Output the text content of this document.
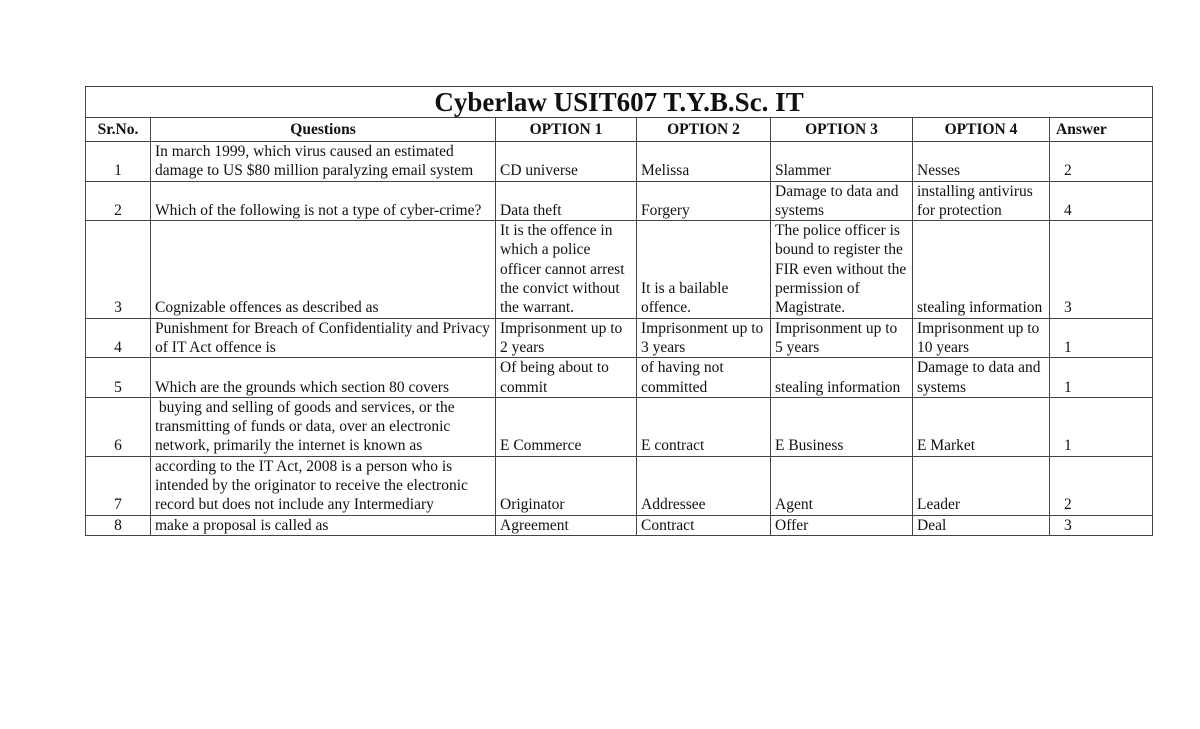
Cyberlaw USIT607 T.Y.B.Sc. IT						
Sr.No.	Questions	OPTION 1	OPTION 2	OPTION 3	OPTION 4	Answer
1	In march 1999, which virus caused an estimated damage to US $80 million paralyzing email system	CD universe	Melissa	Slammer	Nesses	2
2	Which of the following is not a type of cyber-crime?	Data theft	Forgery	Damage to data and systems	installing antivirus for protection	4
3	Cognizable offences as described as	It is the offence in which a police officer cannot arrest the convict without the warrant.	It is a bailable offence.	The police officer is bound to register the FIR even without the permission of Magistrate.	stealing information	3
4	Punishment for Breach of Confidentiality and Privacy of IT Act offence is	Imprisonment up to 2 years	Imprisonment up to 3 years	Imprisonment up to 5 years	Imprisonment up to 10 years	1
5	Which are the grounds which section 80 covers	Of being about to commit	of having not committed	stealing information	Damage to data and systems	1
6	buying and selling of goods and services, or the transmitting of funds or data, over an electronic network, primarily the internet is known as	E Commerce	E contract	E Business	E Market	1
7	according to the IT Act, 2008 is a person who is intended by the originator to receive the electronic record but does not include any Intermediary	Originator	Addressee	Agent	Leader	2
8	make a proposal is called as	Agreement	Contract	Offer	Deal	3
